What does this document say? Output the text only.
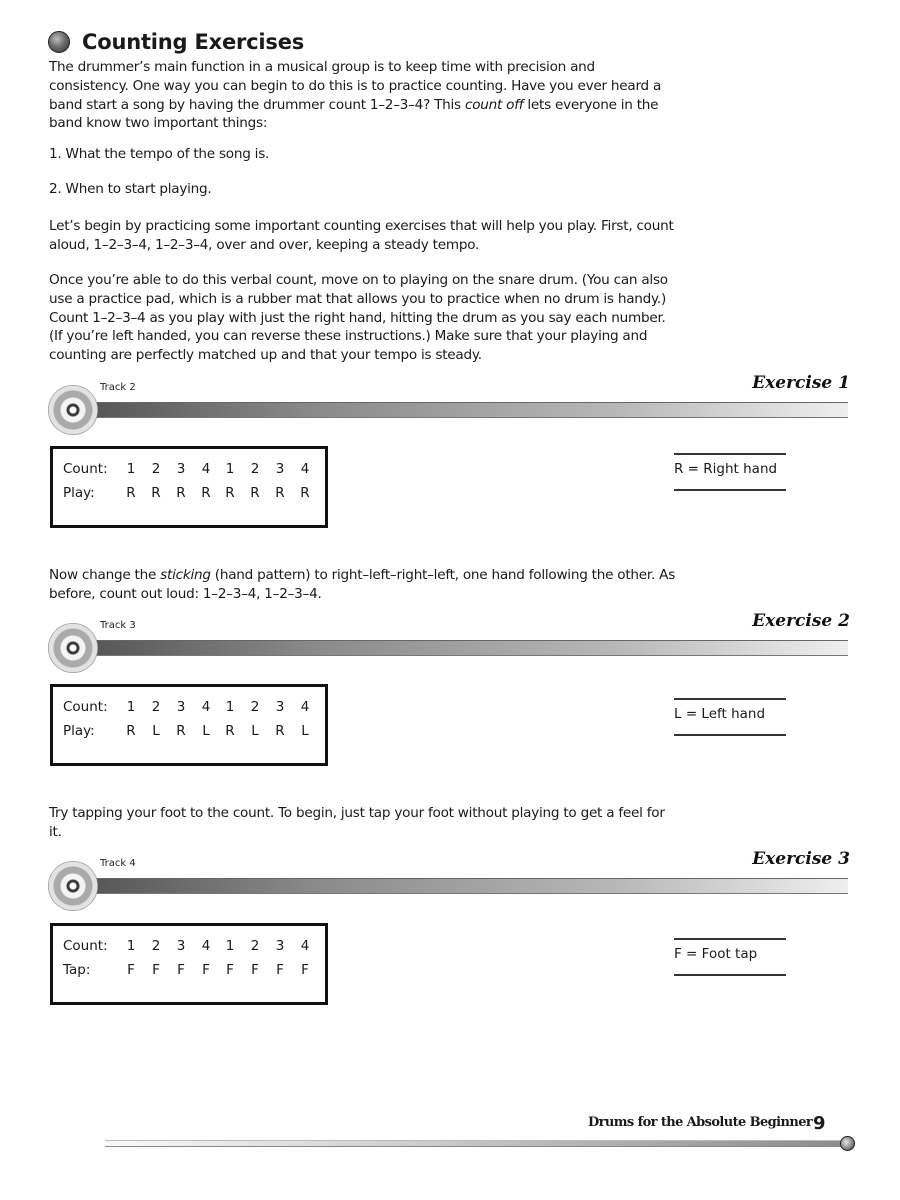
Counting Exercises

The drummer’s main function in a musical group is to keep time with precision and consistency. One way you can begin to do this is to practice counting. Have you ever heard a band start a song by having the drummer count 1–2–3–4? This count off lets everyone in the band know two important things:

1. What the tempo of the song is.

2. When to start playing.

Let’s begin by practicing some important counting exercises that will help you play. First, count aloud, 1–2–3–4, 1–2–3–4, over and over, keeping a steady tempo.

Once you’re able to do this verbal count, move on to playing on the snare drum. (You can also use a practice pad, which is a rubber mat that allows you to practice when no drum is handy.) Count 1–2–3–4 as you play with just the right hand, hitting the drum as you say each number. (If you’re left handed, you can reverse these instructions.) Make sure that your playing and counting are perfectly matched up and that your tempo is steady.

Exercise 1
Track 2
Count: 1 2 3 4 1 2 3 4
Play: R R R R R R R R
R = Right hand

Now change the sticking (hand pattern) to right–left–right–left, one hand following the other. As before, count out loud: 1–2–3–4, 1–2–3–4.

Exercise 2
Track 3
Count: 1 2 3 4 1 2 3 4
Play: R L R L R L R L
L = Left hand

Try tapping your foot to the count. To begin, just tap your foot without playing to get a feel for it.

Exercise 3
Track 4
Count: 1 2 3 4 1 2 3 4
Tap:	F F F F F F F F
F = Foot tap
Drums for the Absolute Beginner 9
